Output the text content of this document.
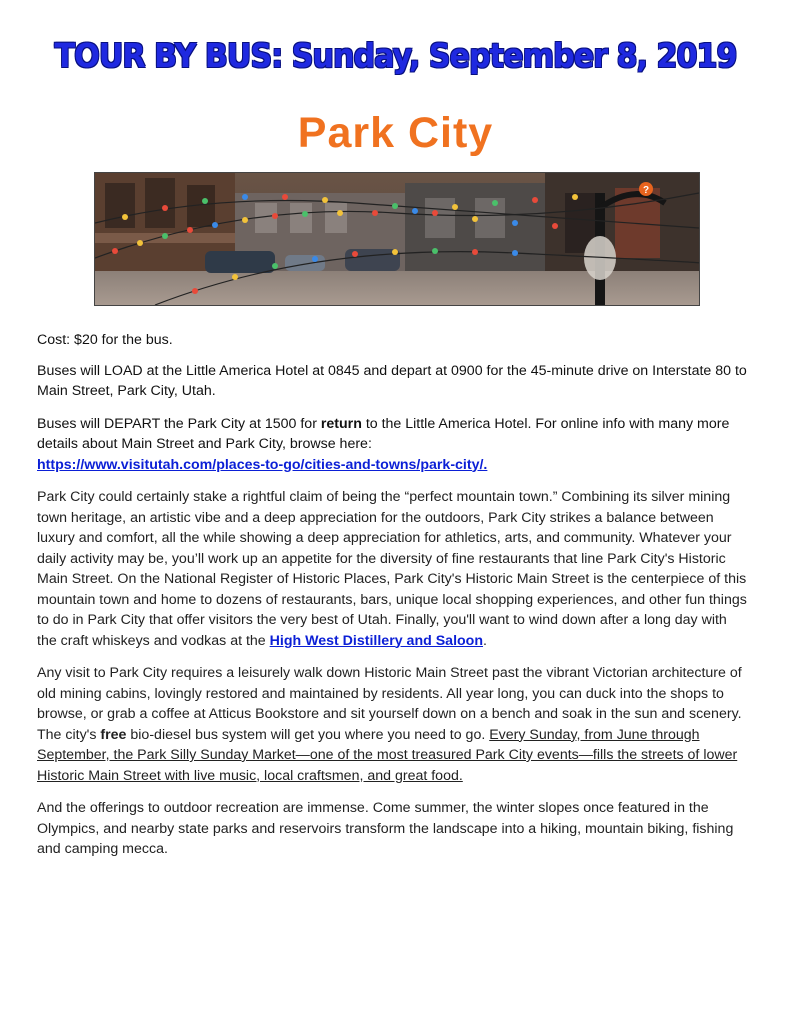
TOUR BY BUS: Sunday, September 8, 2019
Park City
?

Cost: $20 for the bus.

Buses will LOAD at the Little America Hotel at 0845 and depart at 0900 for the 45-minute drive on Interstate 80 to Main Street, Park City, Utah.

Buses will DEPART the Park City at 1500 for return to the Little America Hotel. For online info with many more details about Main Street and Park City, browse here:
https://www.visitutah.com/places-to-go/cities-and-towns/park-city/.

Park City could certainly stake a rightful claim of being the “perfect mountain town.” Combining its silver mining town heritage, an artistic vibe and a deep appreciation for the outdoors, Park City strikes a balance between luxury and comfort, all the while showing a deep appreciation for athletics, arts, and community. Whatever your daily activity may be, you’ll work up an appetite for the diversity of fine restaurants that line Park City's Historic Main Street. On the National Register of Historic Places, Park City's Historic Main Street is the centerpiece of this mountain town and home to dozens of restaurants, bars, unique local shopping experiences, and other fun things to do in Park City that offer visitors the very best of Utah. Finally, you'll want to wind down after a long day with the craft whiskeys and vodkas at the High West Distillery and Saloon.

Any visit to Park City requires a leisurely walk down Historic Main Street past the vibrant Victorian architecture of old mining cabins, lovingly restored and maintained by residents. All year long, you can duck into the shops to browse, or grab a coffee at Atticus Bookstore and sit yourself down on a bench and soak in the sun and scenery. The city's free bio-diesel bus system will get you where you need to go. Every Sunday, from June through September, the Park Silly Sunday Market—one of the most treasured Park City events—fills the streets of lower Historic Main Street with live music, local craftsmen, and great food.

And the offerings to outdoor recreation are immense. Come summer, the winter slopes once featured in the Olympics, and nearby state parks and reservoirs transform the landscape into a hiking, mountain biking, fishing and camping mecca.
